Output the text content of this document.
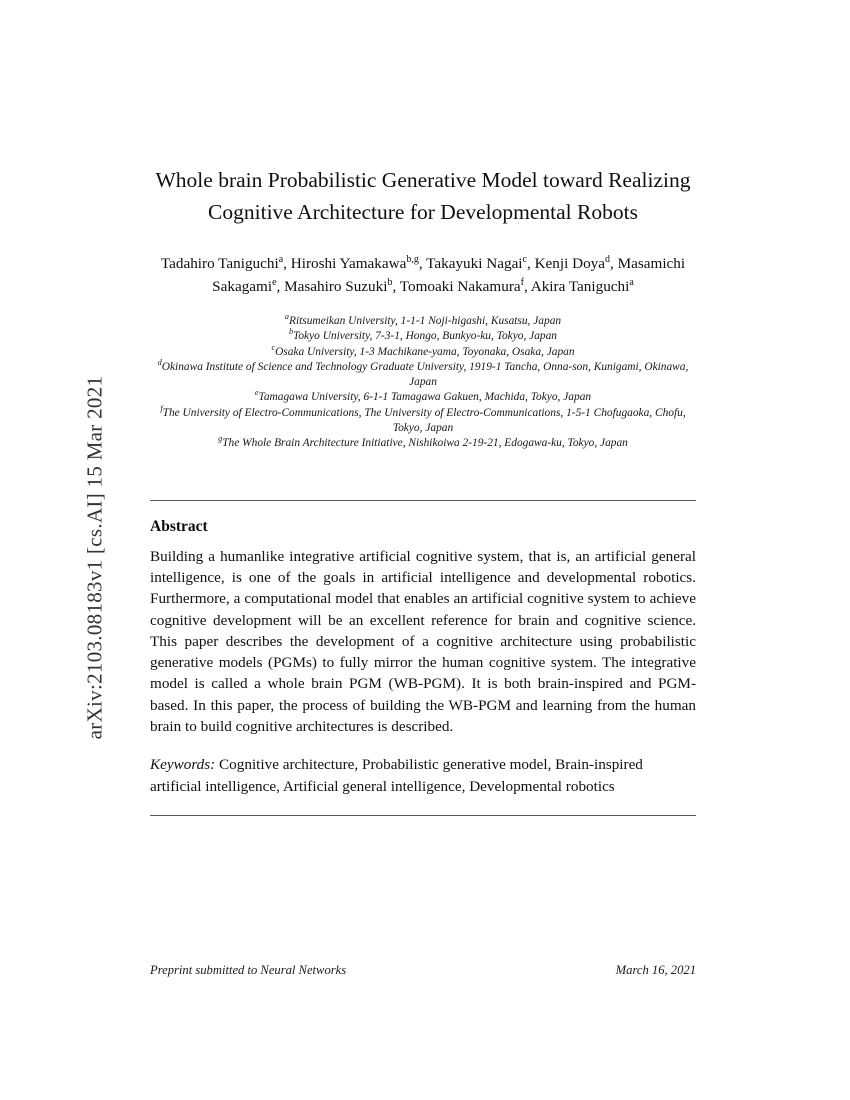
arXiv:2103.08183v1 [cs.AI] 15 Mar 2021
Whole brain Probabilistic Generative Model toward Realizing Cognitive Architecture for Developmental Robots
Tadahiro Taniguchi$^a$, Hiroshi Yamakawa$^{b,g}$, Takayuki Nagai$^c$, Kenji Doya$^d$, Masamichi Sakagami$^e$, Masahiro Suzuki$^b$, Tomoaki Nakamura$^f$, Akira Taniguchi$^a$
$^a$Ritsumeikan University, 1-1-1 Noji-higashi, Kusatsu, Japan
$^b$Tokyo University, 7-3-1, Hongo, Bunkyo-ku, Tokyo, Japan
$^c$Osaka University, 1-3 Machikane-yama, Toyonaka, Osaka, Japan
$^d$Okinawa Institute of Science and Technology Graduate University, 1919-1 Tancha, Onna-son, Kunigami, Okinawa, Japan
$^e$Tamagawa University, 6-1-1 Tamagawa Gakuen, Machida, Tokyo, Japan
$^f$The University of Electro-Communications, The University of Electro-Communications, 1-5-1 Chofugaoka, Chofu, Tokyo, Japan
$^g$The Whole Brain Architecture Initiative, Nishikoiwa 2-19-21, Edogawa-ku, Tokyo, Japan
Abstract
Building a humanlike integrative artificial cognitive system, that is, an artificial general intelligence, is one of the goals in artificial intelligence and developmental robotics. Furthermore, a computational model that enables an artificial cognitive system to achieve cognitive development will be an excellent reference for brain and cognitive science. This paper describes the development of a cognitive architecture using probabilistic generative models (PGMs) to fully mirror the human cognitive system. The integrative model is called a whole brain PGM (WB-PGM). It is both brain-inspired and PGM-based. In this paper, the process of building the WB-PGM and learning from the human brain to build cognitive architectures is described.
Keywords: Cognitive architecture, Probabilistic generative model, Brain-inspired artificial intelligence, Artificial general intelligence, Developmental robotics
Preprint submitted to Neural Networks	March 16, 2021
